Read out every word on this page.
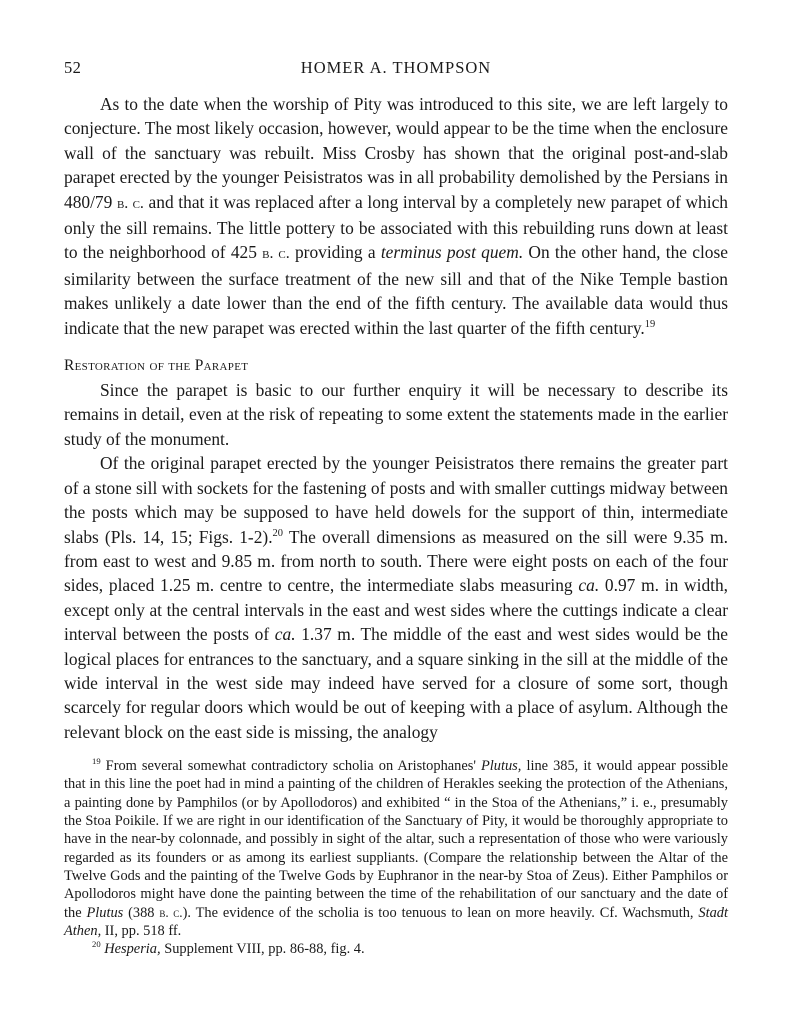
52	HOMER A. THOMPSON

As to the date when the worship of Pity was introduced to this site, we are left largely to conjecture. The most likely occasion, however, would appear to be the time when the enclosure wall of the sanctuary was rebuilt. Miss Crosby has shown that the original post-and-slab parapet erected by the younger Peisistratos was in all probability demolished by the Persians in 480/79 b. c. and that it was replaced after a long interval by a completely new parapet of which only the sill remains. The little pottery to be associated with this rebuilding runs down at least to the neighborhood of 425 b. c. providing a terminus post quem. On the other hand, the close similarity between the surface treatment of the new sill and that of the Nike Temple bastion makes unlikely a date lower than the end of the fifth century. The available data would thus indicate that the new parapet was erected within the last quarter of the fifth century.$^{19}$

Restoration of the Parapet

Since the parapet is basic to our further enquiry it will be necessary to describe its remains in detail, even at the risk of repeating to some extent the statements made in the earlier study of the monument.

Of the original parapet erected by the younger Peisistratos there remains the greater part of a stone sill with sockets for the fastening of posts and with smaller cuttings midway between the posts which may be supposed to have held dowels for the support of thin, intermediate slabs (Pls. 14, 15; Figs. 1-2).$^{20}$ The overall dimensions as measured on the sill were 9.35 m. from east to west and 9.85 m. from north to south. There were eight posts on each of the four sides, placed 1.25 m. centre to centre, the intermediate slabs measuring ca. 0.97 m. in width, except only at the central intervals in the east and west sides where the cuttings indicate a clear interval between the posts of ca. 1.37 m. The middle of the east and west sides would be the logical places for entrances to the sanctuary, and a square sinking in the sill at the middle of the wide interval in the west side may indeed have served for a closure of some sort, though scarcely for regular doors which would be out of keeping with a place of asylum. Although the relevant block on the east side is missing, the analogy

$^{19}$ From several somewhat contradictory scholia on Aristophanes' Plutus, line 385, it would appear possible that in this line the poet had in mind a painting of the children of Herakles seeking the protection of the Athenians, a painting done by Pamphilos (or by Apollodoros) and exhibited “ in the Stoa of the Athenians,” i. e., presumably the Stoa Poikile. If we are right in our identification of the Sanctuary of Pity, it would be thoroughly appropriate to have in the near-by colonnade, and possibly in sight of the altar, such a representation of those who were variously regarded as its founders or as among its earliest suppliants. (Compare the relationship between the Altar of the Twelve Gods and the painting of the Twelve Gods by Euphranor in the near-by Stoa of Zeus). Either Pamphilos or Apollodoros might have done the painting between the time of the rehabilitation of our sanctuary and the date of the Plutus (388 b. c.). The evidence of the scholia is too tenuous to lean on more heavily. Cf. Wachsmuth, Stadt Athen, II, pp. 518 ff.

$^{20}$ Hesperia, Supplement VIII, pp. 86-88, fig. 4.
